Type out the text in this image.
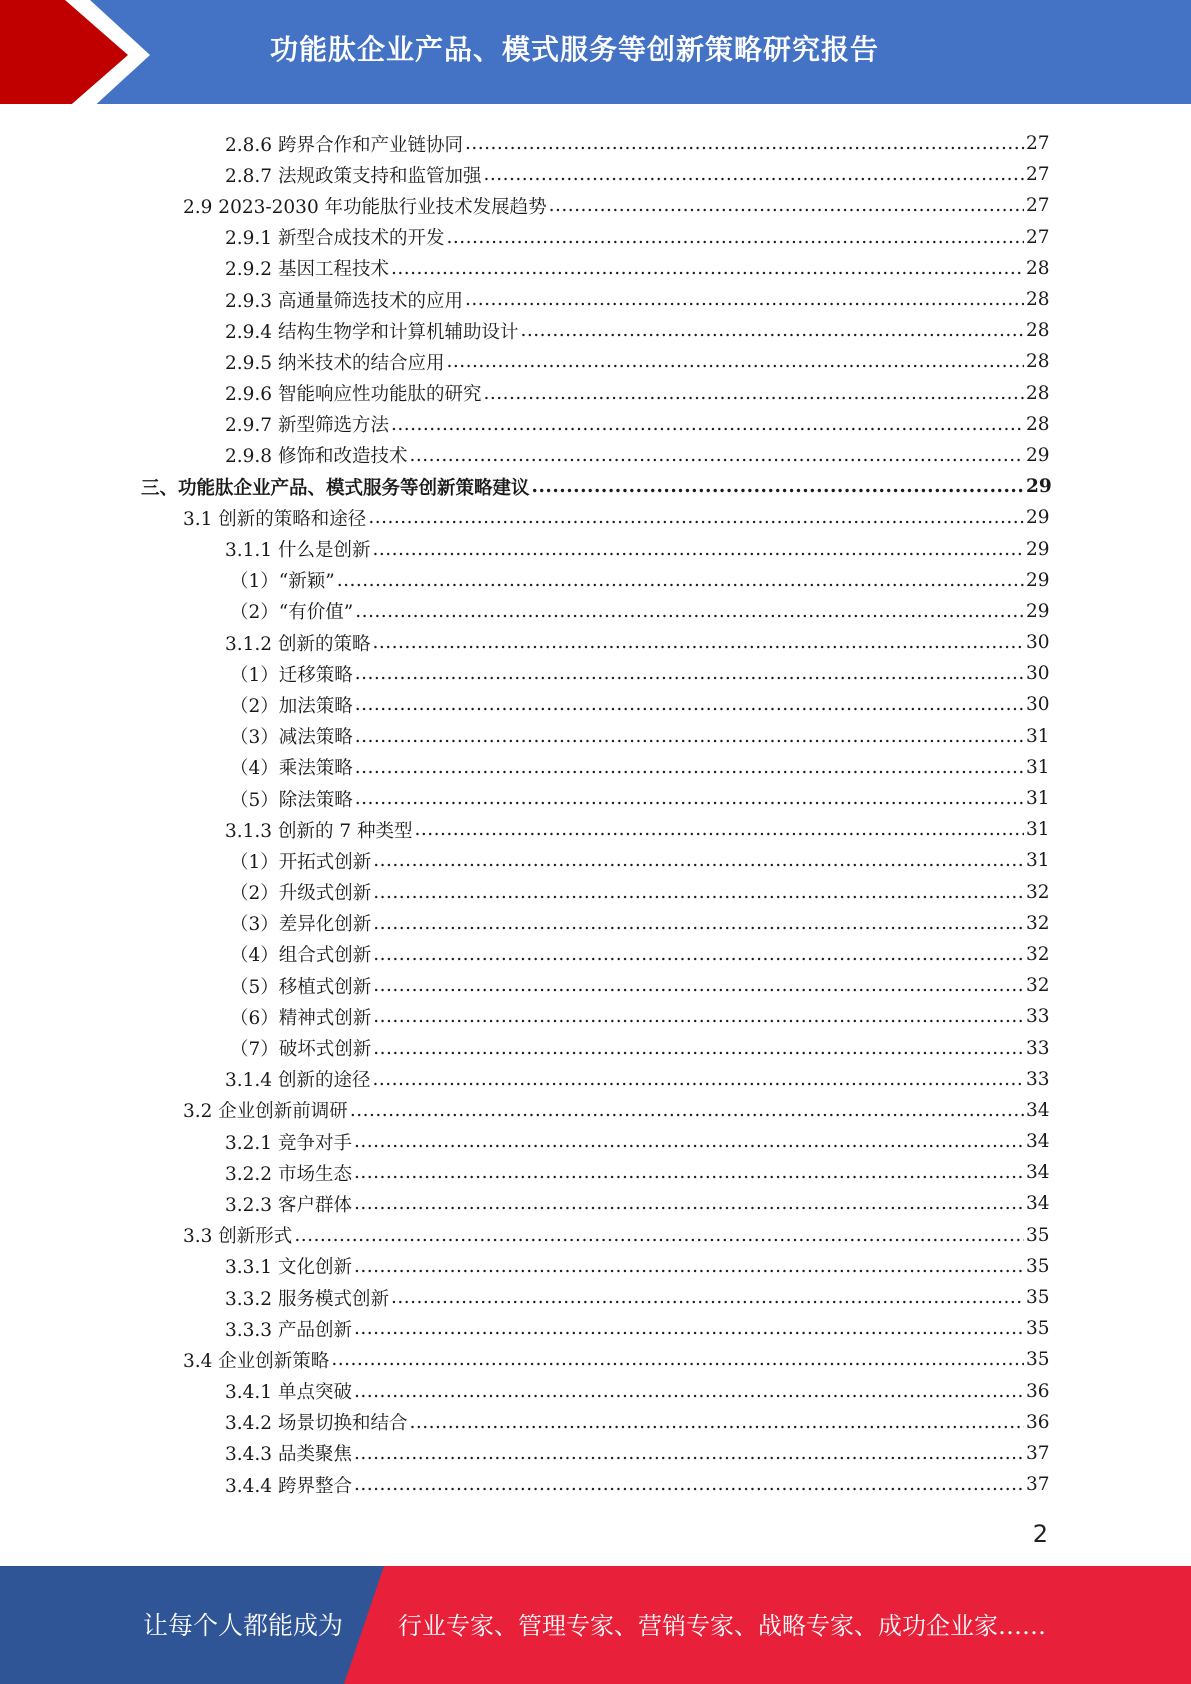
功能肽企业产品、模式服务等创新策略研究报告
2.8.6 跨界合作和产业链协同 .....	27
2.8.7 法规政策支持和监管加强 .....	27
2.9 2023-2030 年功能肽行业技术发展趋势 .....	27
2.9.1 新型合成技术的开发 .....	27
2.9.2 基因工程技术 .....	28
2.9.3 高通量筛选技术的应用 .....	28
2.9.4 结构生物学和计算机辅助设计 .....	28
2.9.5 纳米技术的结合应用 .....	28
2.9.6 智能响应性功能肽的研究 .....	28
2.9.7 新型筛选方法 .....	28
2.9.8 修饰和改造技术 .....	29
三、功能肽企业产品、模式服务等创新策略建议 .....	29
3.1 创新的策略和途径 .....	29
3.1.1 什么是创新 .....	29
（1）“新颖” .....	29
（2）“有价值” .....	29
3.1.2 创新的策略 .....	30
（1）迁移策略 .....	30
（2）加法策略 .....	30
（3）减法策略 .....	31
（4）乘法策略 .....	31
（5）除法策略 .....	31
3.1.3 创新的 7 种类型 .....	31
（1）开拓式创新 .....	31
（2）升级式创新 .....	32
（3）差异化创新 .....	32
（4）组合式创新 .....	32
（5）移植式创新 .....	32
（6）精神式创新 .....	33
（7）破坏式创新 .....	33
3.1.4 创新的途径 .....	33
3.2 企业创新前调研 .....	34
3.2.1 竞争对手 .....	34
3.2.2 市场生态 .....	34
3.2.3 客户群体 .....	34
3.3 创新形式 .....	35
3.3.1 文化创新 .....	35
3.3.2 服务模式创新 .....	35
3.3.3 产品创新 .....	35
3.4 企业创新策略 .....	35
3.4.1 单点突破 .....	36
3.4.2 场景切换和结合 .....	36
3.4.3 品类聚焦 .....	37
3.4.4 跨界整合 .....	37
2
让每个人都能成为 行业专家、管理专家、营销专家、战略专家、成功企业家……
